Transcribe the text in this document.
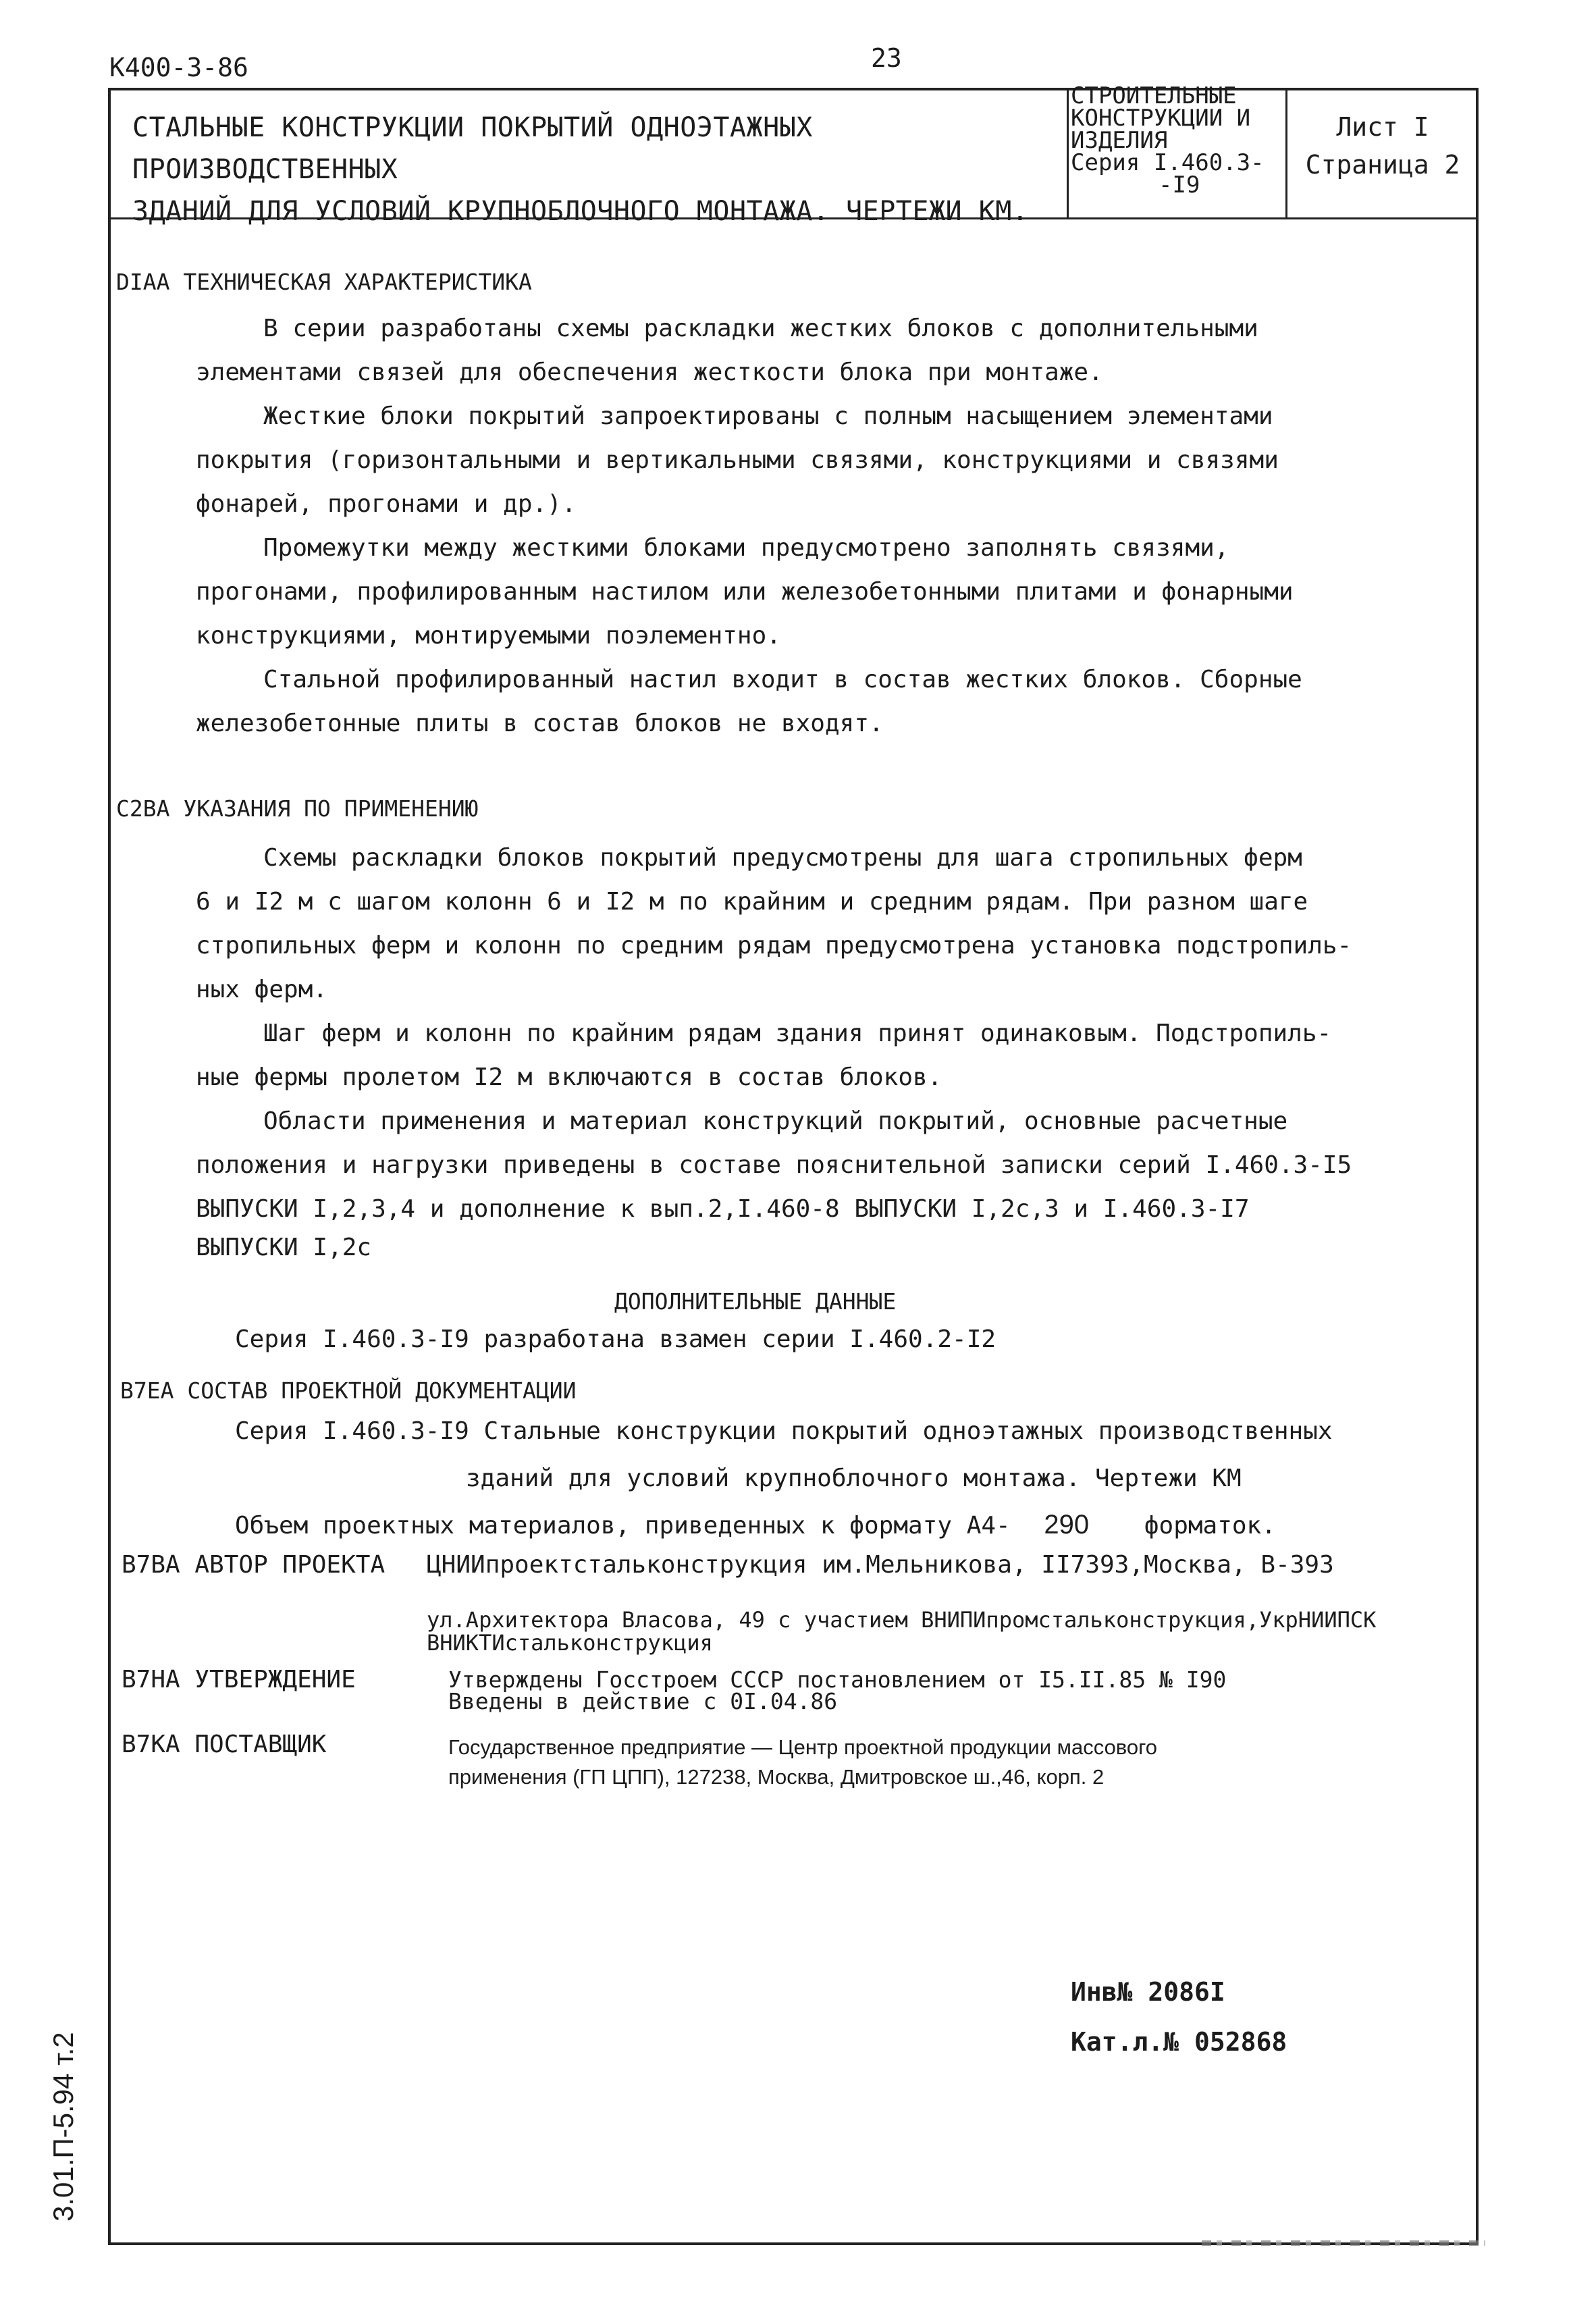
К400-3-86	23
СТАЛЬНЫЕ КОНСТРУКЦИИ ПОКРЫТИЙ ОДНОЭТАЖНЫХ ПРОИЗВОДСТВЕННЫХ
ЗДАНИЙ ДЛЯ УСЛОВИЙ КРУПНОБЛОЧНОГО МОНТАЖА. ЧЕРТЕЖИ КМ.
СТРОИТЕЛЬНЫЕ
КОНСТРУКЦИИ И
ИЗДЕЛИЯ
Серия I.460.3-
-I9
Лист I
Страница 2
DIAA ТЕХНИЧЕСКАЯ ХАРАКТЕРИСТИКА
В серии разработаны схемы раскладки жестких блоков с дополнительными
элементами связей для обеспечения жесткости блока при монтаже.
Жесткие блоки покрытий запроектированы с полным насыщением элементами
покрытия (горизонтальными и вертикальными связями, конструкциями и связями
фонарей, прогонами и др.).
Промежутки между жесткими блоками предусмотрено заполнять связями,
прогонами, профилированным настилом или железобетонными плитами и фонарными
конструкциями, монтируемыми поэлементно.
Стальной профилированный настил входит в состав жестких блоков. Сборные
железобетонные плиты в состав блоков не входят.
C2BA УКАЗАНИЯ ПО ПРИМЕНЕНИЮ
Схемы раскладки блоков покрытий предусмотрены для шага стропильных ферм
6 и I2 м с шагом колонн 6 и I2 м по крайним и средним рядам. При разном шаге
стропильных ферм и колонн по средним рядам предусмотрена установка подстропиль-
ных ферм.
Шаг ферм и колонн по крайним рядам здания принят одинаковым. Подстропиль-
ные фермы пролетом I2 м включаются в состав блоков.
Области применения и материал конструкций покрытий, основные расчетные
положения и нагрузки приведены в составе пояснительной записки серий I.460.3-I5
ВЫПУСКИ I,2,3,4 и дополнение к вып.2,I.460-8 ВЫПУСКИ I,2с,3 и I.460.3-I7
ВЫПУСКИ I,2с
ДОПОЛНИТЕЛЬНЫЕ ДАННЫЕ
Серия I.460.3-I9 разработана взамен серии I.460.2-I2
B7EA СОСТАВ ПРОЕКТНОЙ ДОКУМЕНТАЦИИ
Серия I.460.3-I9 Стальные конструкции покрытий одноэтажных производственных
зданий для условий крупноблочного монтажа. Чертежи КМ
Объем проектных материалов, приведенных к формату А4- 290 форматок.
B7BA АВТОР ПРОЕКТА ЦНИИпроектстальконструкция им.Мельникова, II7393,Москва, В-393
ул.Архитектора Власова, 49 с участием ВНИПИпромстальконструкция,УкрНИИПСК
ВНИКТИстальконструкция
B7HA УТВЕРЖДЕНИЕ	Утверждены Госстроем СССР постановлением от I5.II.85 № I90
Введены в действие с 0I.04.86
B7KA ПОСТАВЩИК	Государственное предприятие — Центр проектной продукции массового
применения (ГП ЦПП), 127238, Москва, Дмитровское ш.,46, корп. 2
Инв№ 2086I
Кат.л.№ 052868
3.01.П-5.94 т.2
